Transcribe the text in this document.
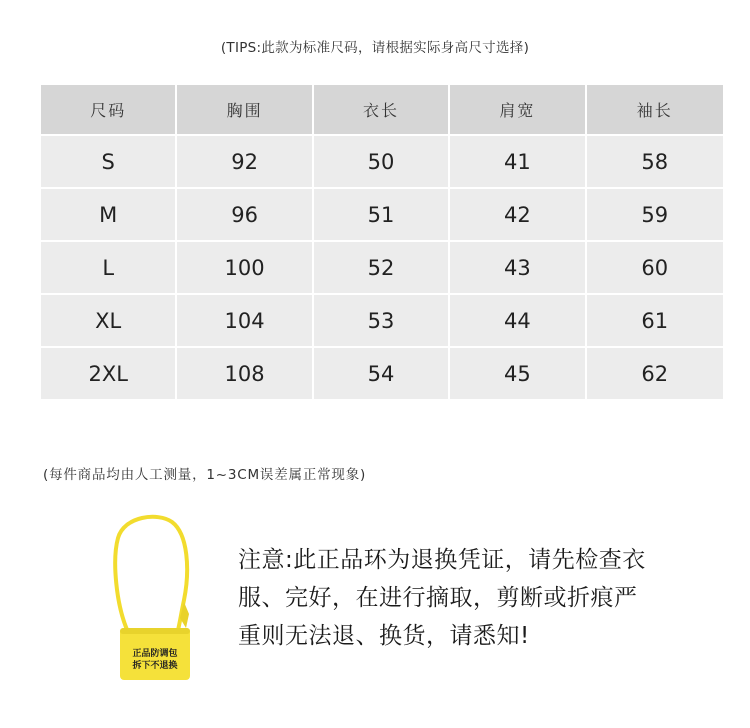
(TIPS:此款为标准尺码，请根据实际身高尺寸选择)
尺码	胸围	衣长	肩宽	袖长
S	92	50	41	58
M	96	51	42	59
L	100	52	43	60
XL	104	53	44	61
2XL	108	54	45	62
(每件商品均由人工测量，1~3CM误差属正常现象)
正品防调包
拆下不退换
注意:此正品环为退换凭证，请先检查衣
服、完好，在进行摘取，剪断或折痕严
重则无法退、换货，请悉知!
